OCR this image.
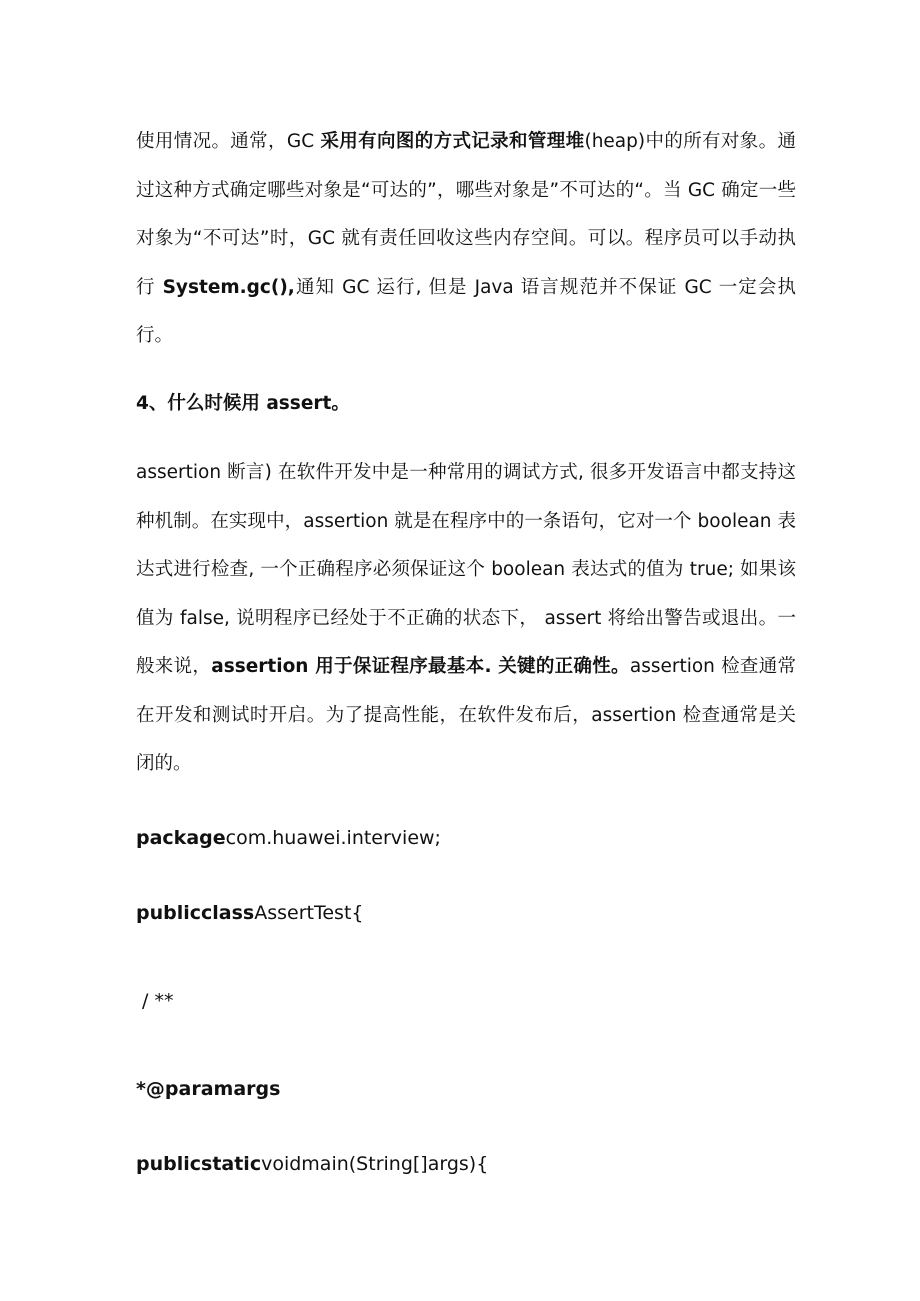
使用情况。通常，GC 采用有向图的方式记录和管理堆(heap)中的所有对象。通过这种方式确定哪些对象是“可达的”，哪些对象是”不可达的“。当 GC 确定一些对象为“不可达”时，GC 就有责任回收这些内存空间。可以。程序员可以手动执行 System.gc(),通知 GC 运行, 但是 Java 语言规范并不保证 GC 一定会执行。

4、什么时候用 assert。

assertion 断言) 在软件开发中是一种常用的调试方式, 很多开发语言中都支持这种机制。在实现中，assertion 就是在程序中的一条语句，它对一个 boolean 表达式进行检查, 一个正确程序必须保证这个 boolean 表达式的值为 true; 如果该值为 false, 说明程序已经处于不正确的状态下， assert 将给出警告或退出。一般来说，assertion 用于保证程序最基本. 关键的正确性。assertion 检查通常在开发和测试时开启。为了提高性能，在软件发布后，assertion 检查通常是关闭的。

packagecom.huawei.interview;

publicclassAssertTest{

/ **

*@paramargs

publicstaticvoidmain(String[]args){
